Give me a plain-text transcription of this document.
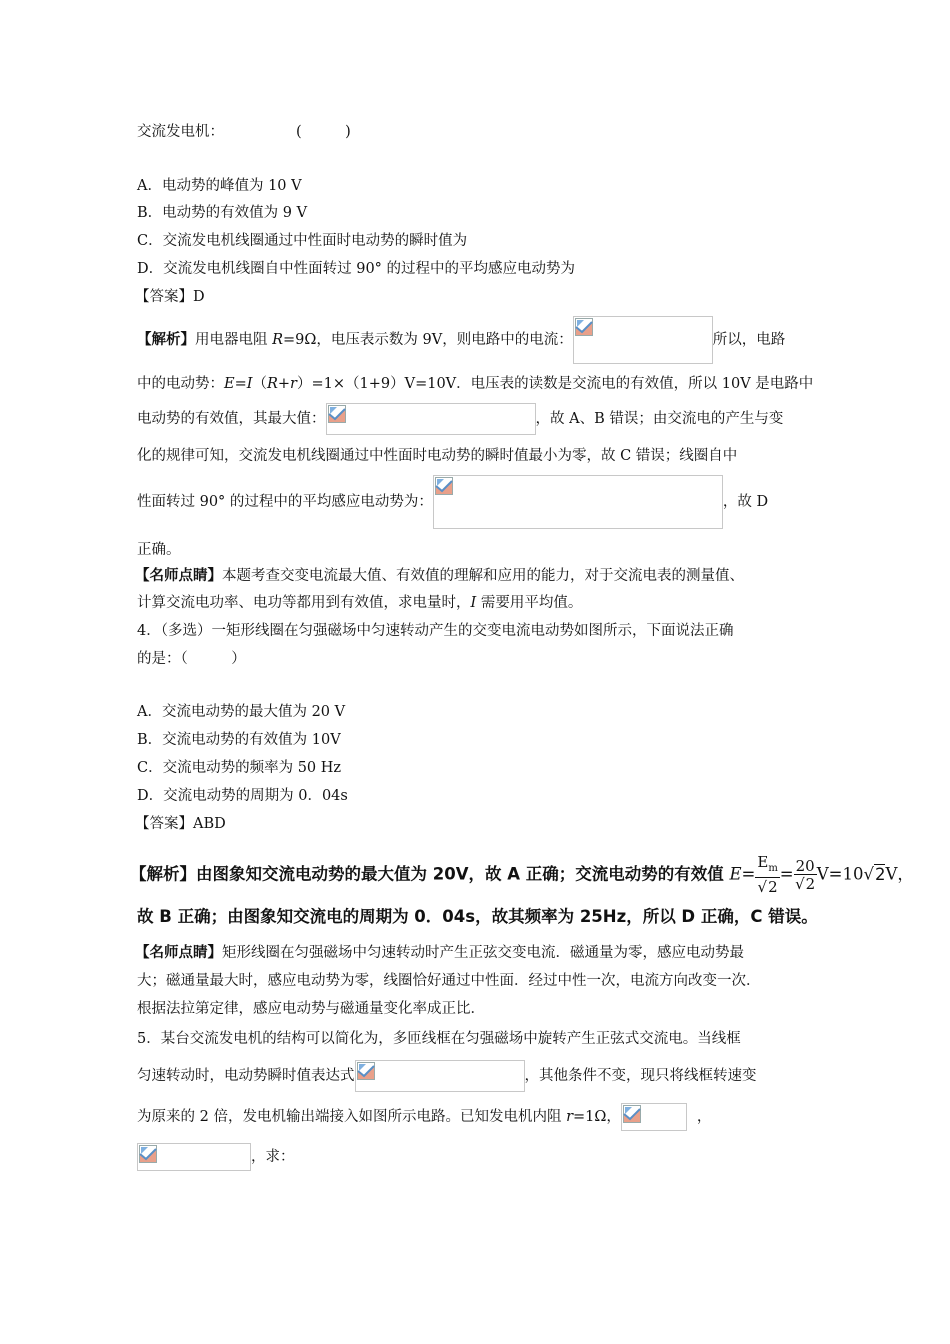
交流发电机：	(　　　)
A．电动势的峰值为 10 V
B．电动势的有效值为 9 V
C．交流发电机线圈通过中性面时电动势的瞬时值为
D．交流发电机线圈自中性面转过 90° 的过程中的平均感应电动势为
【答案】D
【解析】用电器电阻 R=9Ω，电压表示数为 9V，则电路中的电流：	所以，电路
中的电动势：E=I（R+r）=1×（1+9）V=10V．电压表的读数是交流电的有效值，所以 10V 是电路中
电动势的有效值，其最大值：	，故 A、B 错误；由交流电的产生与变
化的规律可知，交流发电机线圈通过中性面时电动势的瞬时值最小为零，故 C 错误；线圈自中
性面转过 90° 的过程中的平均感应电动势为：	，故 D
正确。
【名师点睛】本题考查交变电流最大值、有效值的理解和应用的能力，对于交流电表的测量值、
计算交流电功率、电功等都用到有效值，求电量时，I 需要用平均值。
4．（多选）一矩形线圈在匀强磁场中匀速转动产生的交变电流电动势如图所示，下面说法正确
的是：（　　　）
A．交流电动势的最大值为 20 V
B．交流电动势的有效值为 10V
C．交流电动势的频率为 50 Hz
D．交流电动势的周期为 0．04s
【答案】ABD
【解析】由图象知交流电动势的最大值为 20V，故 A 正确；交流电动势的有效值 $E= \frac{E_m}{√2} = \frac{20}{√2} V=10√2V$，
故 B 正确；由图象知交流电的周期为 0．04s，故其频率为 25Hz，所以 D 正确，C 错误。
【名师点睛】矩形线圈在匀强磁场中匀速转动时产生正弦交变电流．磁通量为零，感应电动势最
大；磁通量最大时，感应电动势为零，线圈恰好通过中性面．经过中性一次，电流方向改变一次．
根据法拉第定律，感应电动势与磁通量变化率成正比．
5．某台交流发电机的结构可以简化为，多匝线框在匀强磁场中旋转产生正弦式交流电。当线框
匀速转动时，电动势瞬时值表达式	，其他条件不变，现只将线框转速变
为原来的 2 倍，发电机输出端接入如图所示电路。已知发电机内阻 r=1Ω，	，
，求：
